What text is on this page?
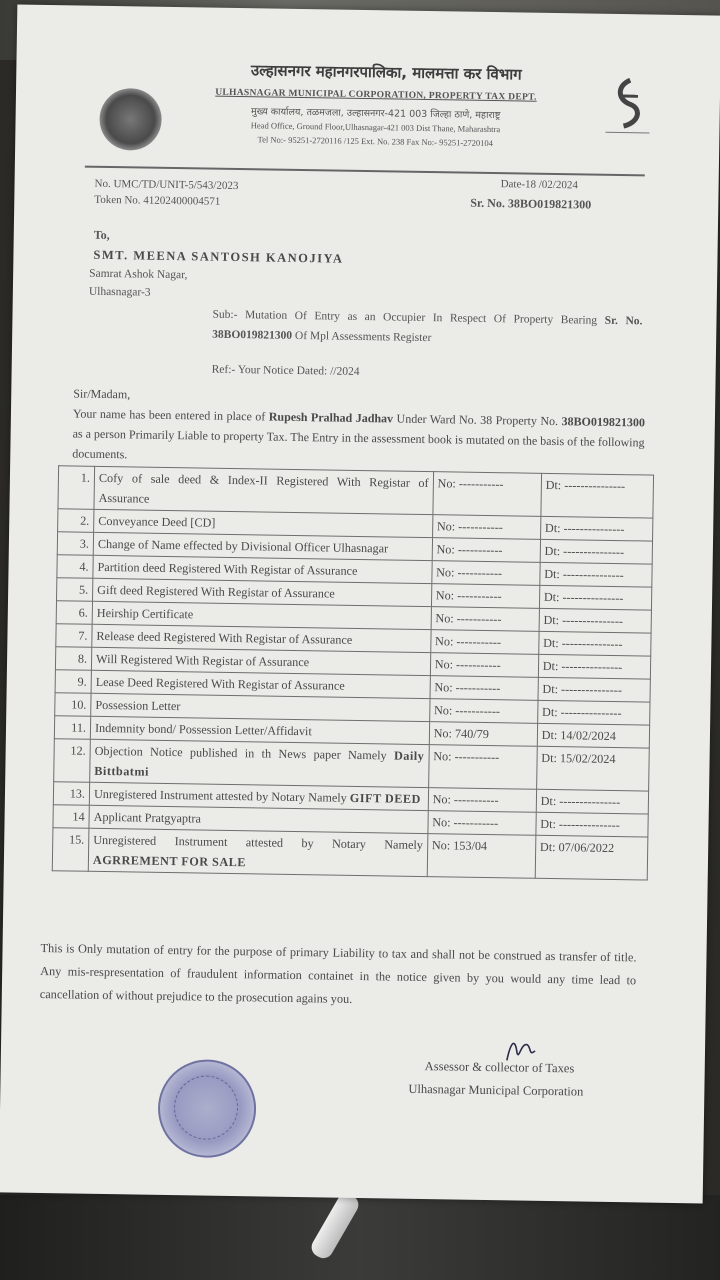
उल्हासनगर महानगरपालिका, मालमत्ता कर विभाग
ULHASNAGAR MUNICIPAL CORPORATION, PROPERTY TAX DEPT.
मुख्य कार्यालय, तळमजला, उल्हासनगर-421 003 जिल्हा ठाणे, महाराष्ट्र
Head Office, Ground Floor,Ulhasnagar-421 003 Dist Thane, Maharashtra
Tel No:- 95251-2720116 /125 Ext. No. 238 Fax No:- 95251-2720104
No. UMC/TD/UNIT-5/543/2023
Token No. 41202400004571
Date-18 /02/2024
Sr. No. 38BO019821300
To,
SMT. MEENA SANTOSH KANOJIYA
Samrat Ashok Nagar,
Ulhasnagar-3
Sub:- Mutation Of Entry as an Occupier In Respect Of Property Bearing Sr. No. 38BO019821300 Of Mpl Assessments Register
Ref:- Your Notice Dated: //2024
Sir/Madam,
Your name has been entered in place of Rupesh Pralhad Jadhav Under Ward No. 38 Property No. 38BO019821300 as a person Primarily Liable to property Tax. The Entry in the assessment book is mutated on the basis of the following documents.
1.	Cofy of sale deed & Index-II Registered With Registar of Assurance	No: -----------	Dt: ---------------
2.	Conveyance Deed [CD]	No: -----------	Dt: ---------------
3.	Change of Name effected by Divisional Officer Ulhasnagar	No: -----------	Dt: ---------------
4.	Partition deed Registered With Registar of Assurance	No: -----------	Dt: ---------------
5.	Gift deed Registered With Registar of Assurance	No: -----------	Dt: ---------------
6.	Heirship Certificate	No: -----------	Dt: ---------------
7.	Release deed Registered With Registar of Assurance	No: -----------	Dt: ---------------
8.	Will Registered With Registar of Assurance	No: -----------	Dt: ---------------
9.	Lease Deed Registered With Registar of Assurance	No: -----------	Dt: ---------------
10.	Possession Letter	No: -----------	Dt: ---------------
11.	Indemnity bond/ Possession Letter/Affidavit	No: 740/79	Dt: 14/02/2024
12.	Objection Notice published in th News paper Namely Daily Bittbatmi	No: -----------	Dt: 15/02/2024
13.	Unregistered Instrument attested by Notary Namely GIFT DEED	No: -----------	Dt: ---------------
14	Applicant Pratgyaptra	No: -----------	Dt: ---------------
15.	Unregistered Instrument attested by Notary Namely AGRREMENT FOR SALE	No: 153/04	Dt: 07/06/2022
This is Only mutation of entry for the purpose of primary Liability to tax and shall not be construed as transfer of title. Any mis-respresentation of fraudulent information containet in the notice given by you would any time lead to cancellation of without prejudice to the prosecution agains you.
Assessor & collector of Taxes
Ulhasnagar Municipal Corporation
